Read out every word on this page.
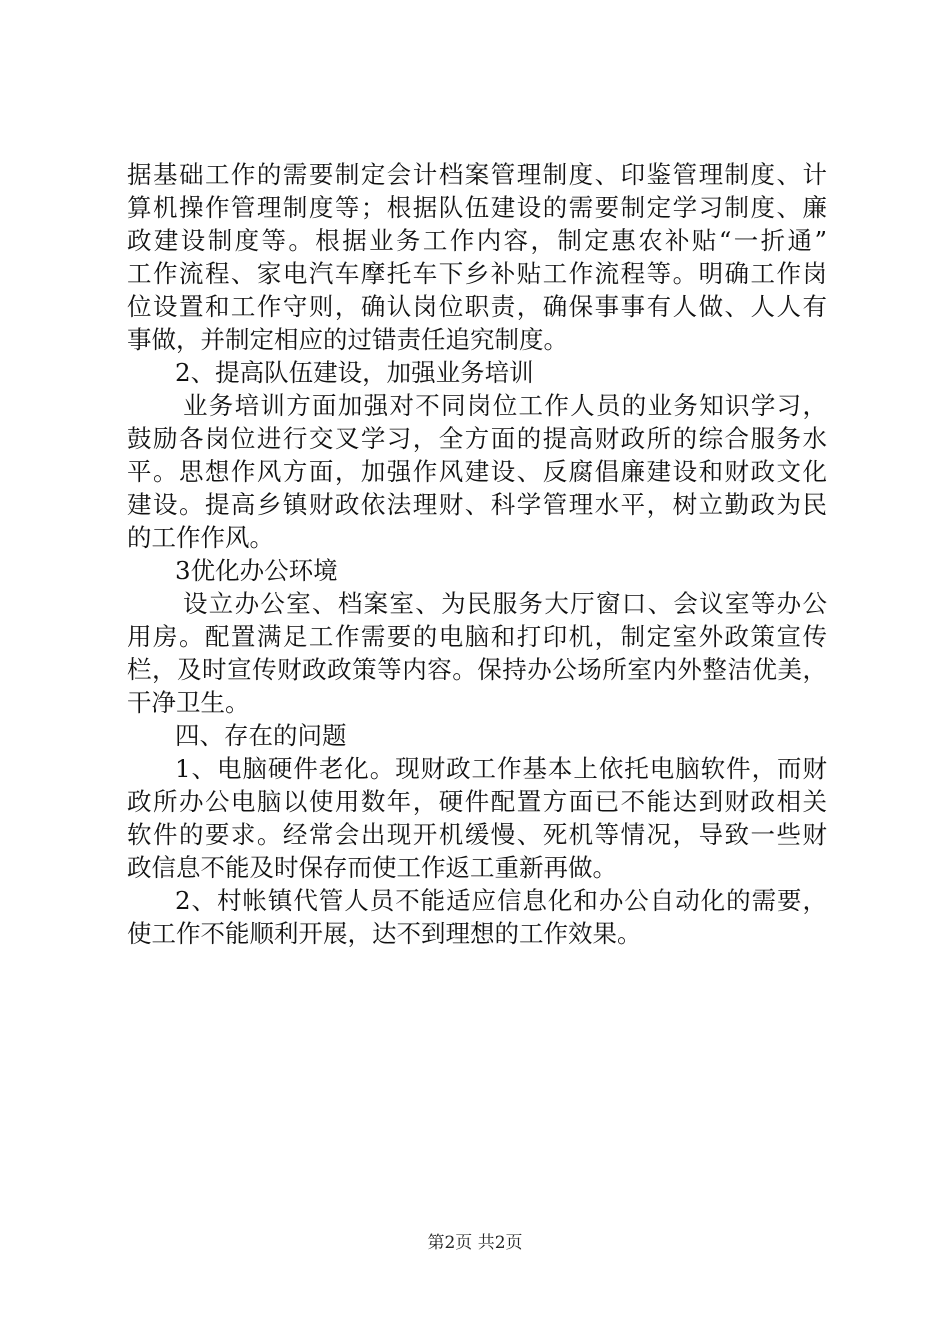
据基础工作的需要制定会计档案管理制度、印鉴管理制度、计
算机操作管理制度等；根据队伍建设的需要制定学习制度、廉
政建设制度等。根据业务工作内容，制定惠农补贴“一折通”
工作流程、家电汽车摩托车下乡补贴工作流程等。明确工作岗
位设置和工作守则，确认岗位职责，确保事事有人做、人人有
事做，并制定相应的过错责任追究制度。
2、提高队伍建设，加强业务培训
业务培训方面加强对不同岗位工作人员的业务知识学习，
鼓励各岗位进行交叉学习，全方面的提高财政所的综合服务水
平。思想作风方面，加强作风建设、反腐倡廉建设和财政文化
建设。提高乡镇财政依法理财、科学管理水平，树立勤政为民
的工作作风。
3优化办公环境
设立办公室、档案室、为民服务大厅窗口、会议室等办公
用房。配置满足工作需要的电脑和打印机，制定室外政策宣传
栏，及时宣传财政政策等内容。保持办公场所室内外整洁优美，
干净卫生。
四、存在的问题
1、电脑硬件老化。现财政工作基本上依托电脑软件，而财
政所办公电脑以使用数年，硬件配置方面已不能达到财政相关
软件的要求。经常会出现开机缓慢、死机等情况，导致一些财
政信息不能及时保存而使工作返工重新再做。
2、村帐镇代管人员不能适应信息化和办公自动化的需要，
使工作不能顺利开展，达不到理想的工作效果。
第2页 共2页
